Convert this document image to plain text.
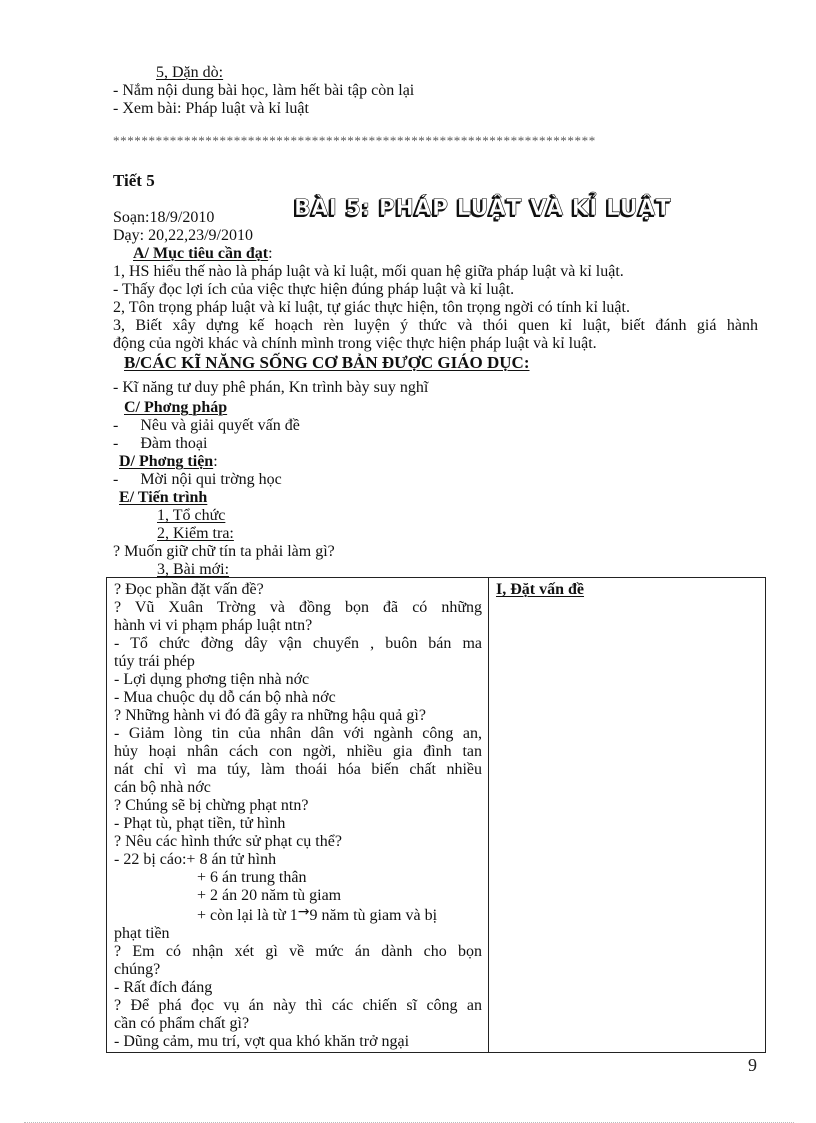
5, Dặn dò:
- Nắm nội dung bài học, làm hết bài tập còn lại
- Xem bài: Pháp luật và kỉ luật
********************************************************************
Tiết 5
BÀI 5: PHÁP LUẬT VÀ KỈ LUẬT
Soạn:18/9/2010
Dạy: 20,22,23/9/2010
A/ Mục tiêu cần đạt:
1, HS hiểu thế nào là pháp luật và kỉ luật, mối quan hệ giữa pháp luật và kỉ luật.
- Thấy đọc lợi ích của việc thực hiện đúng pháp luật và kỉ luật.
2, Tôn trọng pháp luật và kỉ luật, tự giác thực hiện, tôn trọng ngời có tính kỉ luật.
3, Biết xây dựng kế hoạch rèn luyện ý thức và thói quen kỉ luật, biết đánh giá hành
động của ngời khác và chính mình trong việc thực hiện pháp luật và kỉ luật.
B/CÁC KĨ NĂNG SỐNG CƠ BẢN ĐƯỢC GIÁO DỤC:
- Kĩ năng tư duy phê phán, Kn trình bày suy nghĩ
C/ Phơng pháp
- Nêu và giải quyết vấn đề
- Đàm thoại
D/ Phơng tiện:
- Mời nội qui trờng học
E/ Tiến trình
1, Tổ chức
2, Kiểm tra:
? Muốn giữ chữ tín ta phải làm gì?
3, Bài mới:
? Đọc phần đặt vấn đề?
? Vũ Xuân Trờng và đồng bọn đã có những
hành vi vi phạm pháp luật ntn?
- Tổ chức đờng dây vận chuyển , buôn bán ma
túy trái phép
- Lợi dụng phơng tiện nhà nớc
- Mua chuộc dụ dỗ cán bộ nhà nớc
? Những hành vi đó đã gây ra những hậu quả gì?
- Giảm lòng tin của nhân dân với ngành công an,
hủy hoại nhân cách con ngời, nhiều gia đình tan
nát chỉ vì ma túy, làm thoái hóa biến chất nhiều
cán bộ nhà nớc
? Chúng sẽ bị chừng phạt ntn?
- Phạt tù, phạt tiền, tử hình
? Nêu các hình thức sử phạt cụ thể?
- 22 bị cáo:+ 8 án tử hình
+ 6 án trung thân
+ 2 án 20 năm tù giam
+ còn lại là từ 1→9 năm tù giam và bị
phạt tiền
? Em có nhận xét gì về mức án dành cho bọn
chúng?
- Rất đích đáng
? Để phá đọc vụ án này thì các chiến sĩ công an
cần có phẩm chất gì?
- Dũng cảm, mu trí, vợt qua khó khăn trở ngại
I, Đặt vấn đề
9
